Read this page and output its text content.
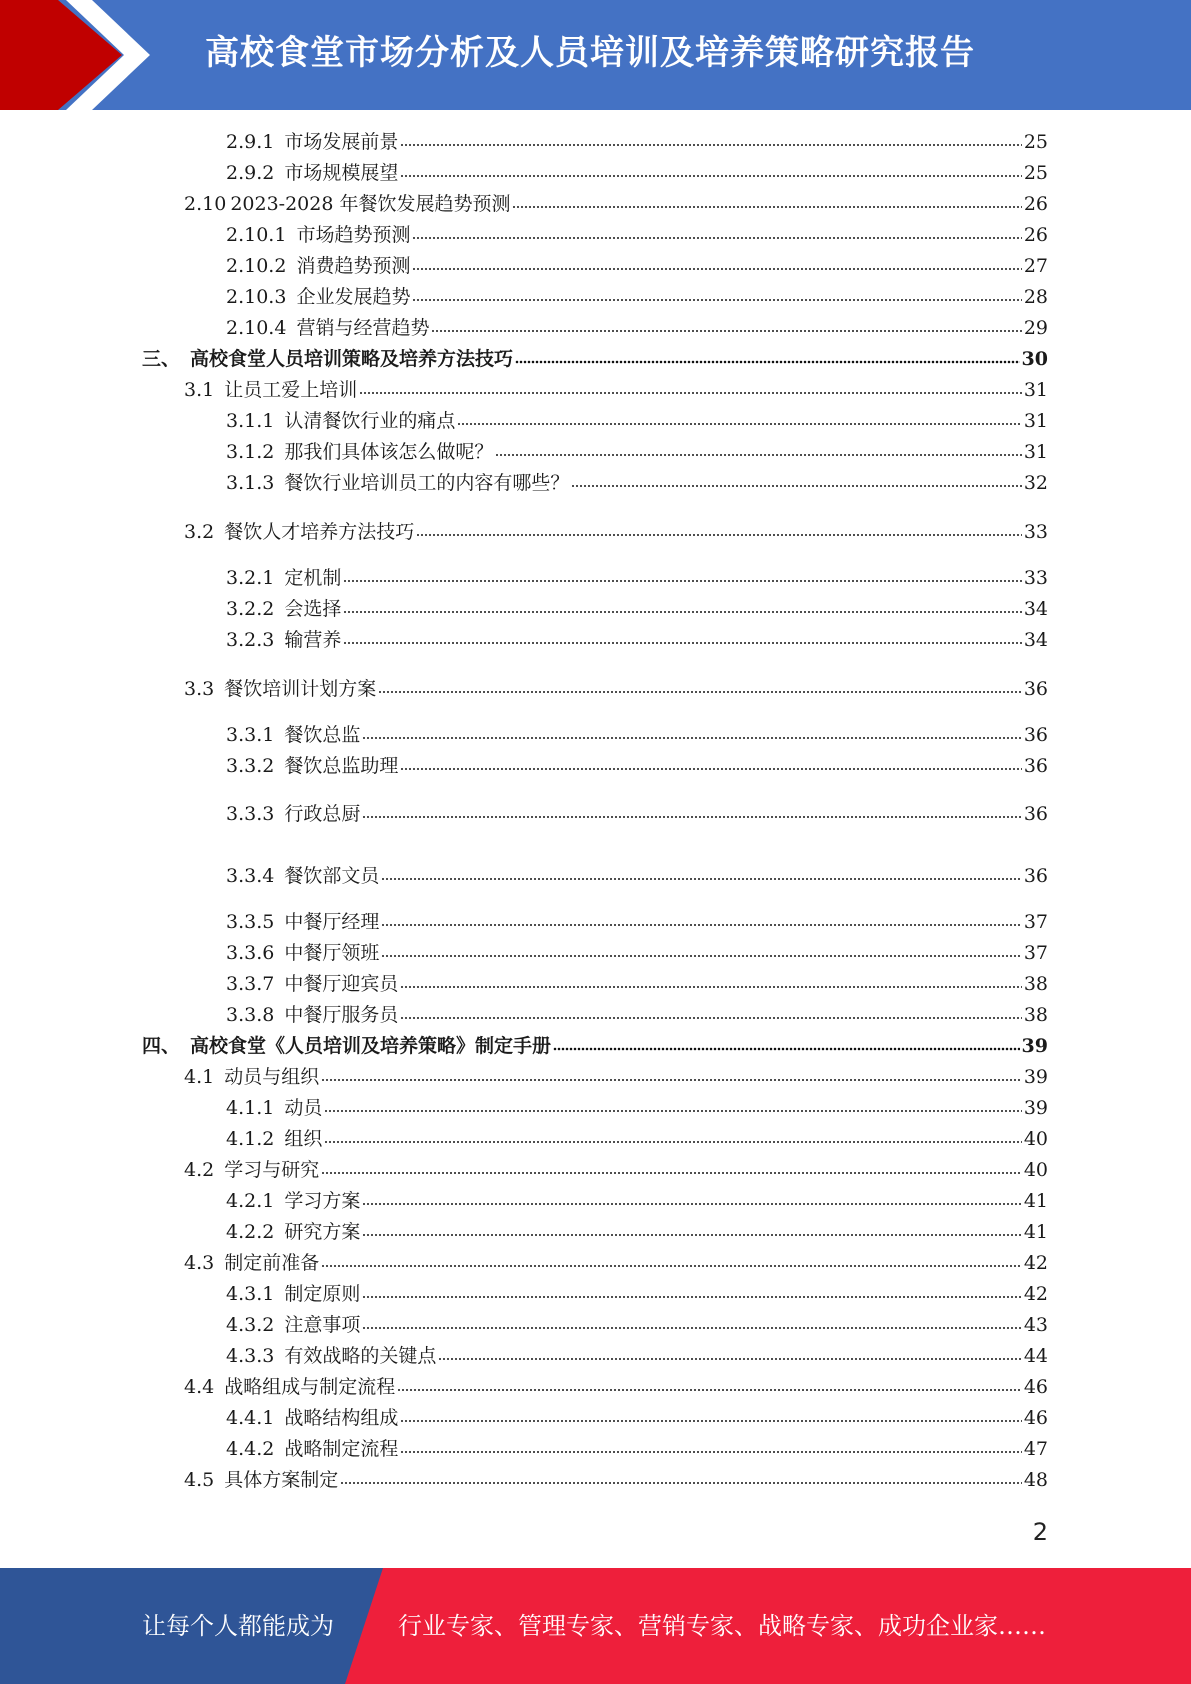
高校食堂市场分析及人员培训及培养策略研究报告
2.9.1 市场发展前景	25
2.9.2 市场规模展望	25
2.10 2023-2028 年餐饮发展趋势预测	26
2.10.1 市场趋势预测	26
2.10.2 消费趋势预测	27
2.10.3 企业发展趋势	28
2.10.4 营销与经营趋势	29
三、 高校食堂人员培训策略及培养方法技巧	30
3.1 让员工爱上培训	31
3.1.1 认清餐饮行业的痛点	31
3.1.2 那我们具体该怎么做呢？	31
3.1.3 餐饮行业培训员工的内容有哪些？	32
3.2 餐饮人才培养方法技巧	33
3.2.1 定机制	33
3.2.2 会选择	34
3.2.3 输营养	34
3.3 餐饮培训计划方案	36
3.3.1 餐饮总监	36
3.3.2 餐饮总监助理	36
3.3.3 行政总厨	36
3.3.4 餐饮部文员	36
3.3.5 中餐厅经理	37
3.3.6 中餐厅领班	37
3.3.7 中餐厅迎宾员	38
3.3.8 中餐厅服务员	38
四、 高校食堂《人员培训及培养策略》制定手册	39
4.1 动员与组织	39
4.1.1 动员	39
4.1.2 组织	40
4.2 学习与研究	40
4.2.1 学习方案	41
4.2.2 研究方案	41
4.3 制定前准备	42
4.3.1 制定原则	42
4.3.2 注意事项	43
4.3.3 有效战略的关键点	44
4.4 战略组成与制定流程	46
4.4.1 战略结构组成	46
4.4.2 战略制定流程	47
4.5 具体方案制定	48
2
让每个人都能成为	行业专家、管理专家、营销专家、战略专家、成功企业家……
